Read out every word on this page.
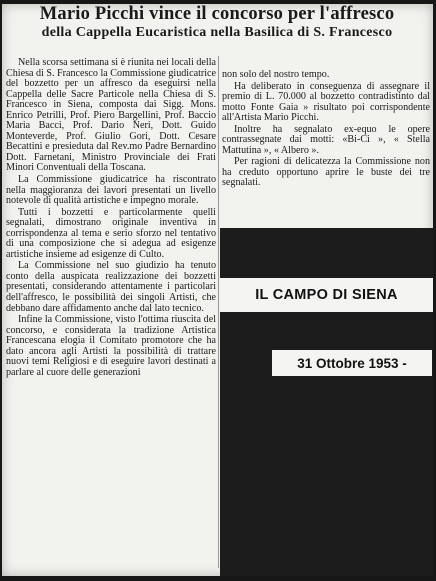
Mario Picchi vince il concorso per l'affresco
della Cappella Eucaristica nella Basilica di S. Francesco

Nella scorsa settimana si è riunita nei locali della Chiesa di S. Francesco la Commissione giudicatrice del bozzetto per un affresco da eseguirsi nella Cappella delle Sacre Particole nella Chiesa di S. Francesco in Siena, composta dai Sigg. Mons. Enrico Petrilli, Prof. Piero Bargellini, Prof. Baccio Maria Bacci, Prof. Dario Neri, Dott. Guido Monteverde, Prof. Giulio Gori, Dott. Cesare Becattini e presieduta dal Rev.mo Padre Bernardino Dott. Farnetani, Ministro Provinciale dei Frati Minori Conventuali della Toscana.

La Commissione giudicatrice ha riscontrato nella maggioranza dei lavori presentati un livello notevole di qualità artistiche e impegno morale.

Tutti i bozzetti e particolarmente quelli segnalati, dimostrano originale inventiva in corrispondenza al tema e serio sforzo nel tentativo di una composizione che si adegua ad esigenze artistiche insieme ad esigenze di Culto.

La Commissione nel suo giudizio ha tenuto conto della auspicata realizzazione dei bozzetti presentati, considerando attentamente i particolari dell'affresco, le possibilità dei singoli Artisti, che debbano dare affidamento anche dal lato tecnico.

Infine la Commissione, visto l'ottima riuscita del concorso, e considerata la tradizione Artistica Francescana elogia il Comitato promotore che ha dato ancora agli Artisti la possibilità di trattare nuovi temi Religiosi e di eseguire lavori destinati a parlare al cuore delle generazioni

non solo del nostro tempo.

Ha deliberato in conseguenza di assegnare il premio di L. 70.000 al bozzetto contradistinto dal motto Fonte Gaia » risultato poi corrispondente all'Artista Mario Picchi.

Inoltre ha segnalato ex-equo le opere contrassegnate dai motti: «Bi-Ci », « Stella Mattutina », « Albero ».

Per ragioni di delicatezza la Commissione non ha creduto opportuno aprire le buste dei tre segnalati.

IL CAMPO DI SIENA
31 Ottobre 1953 -
